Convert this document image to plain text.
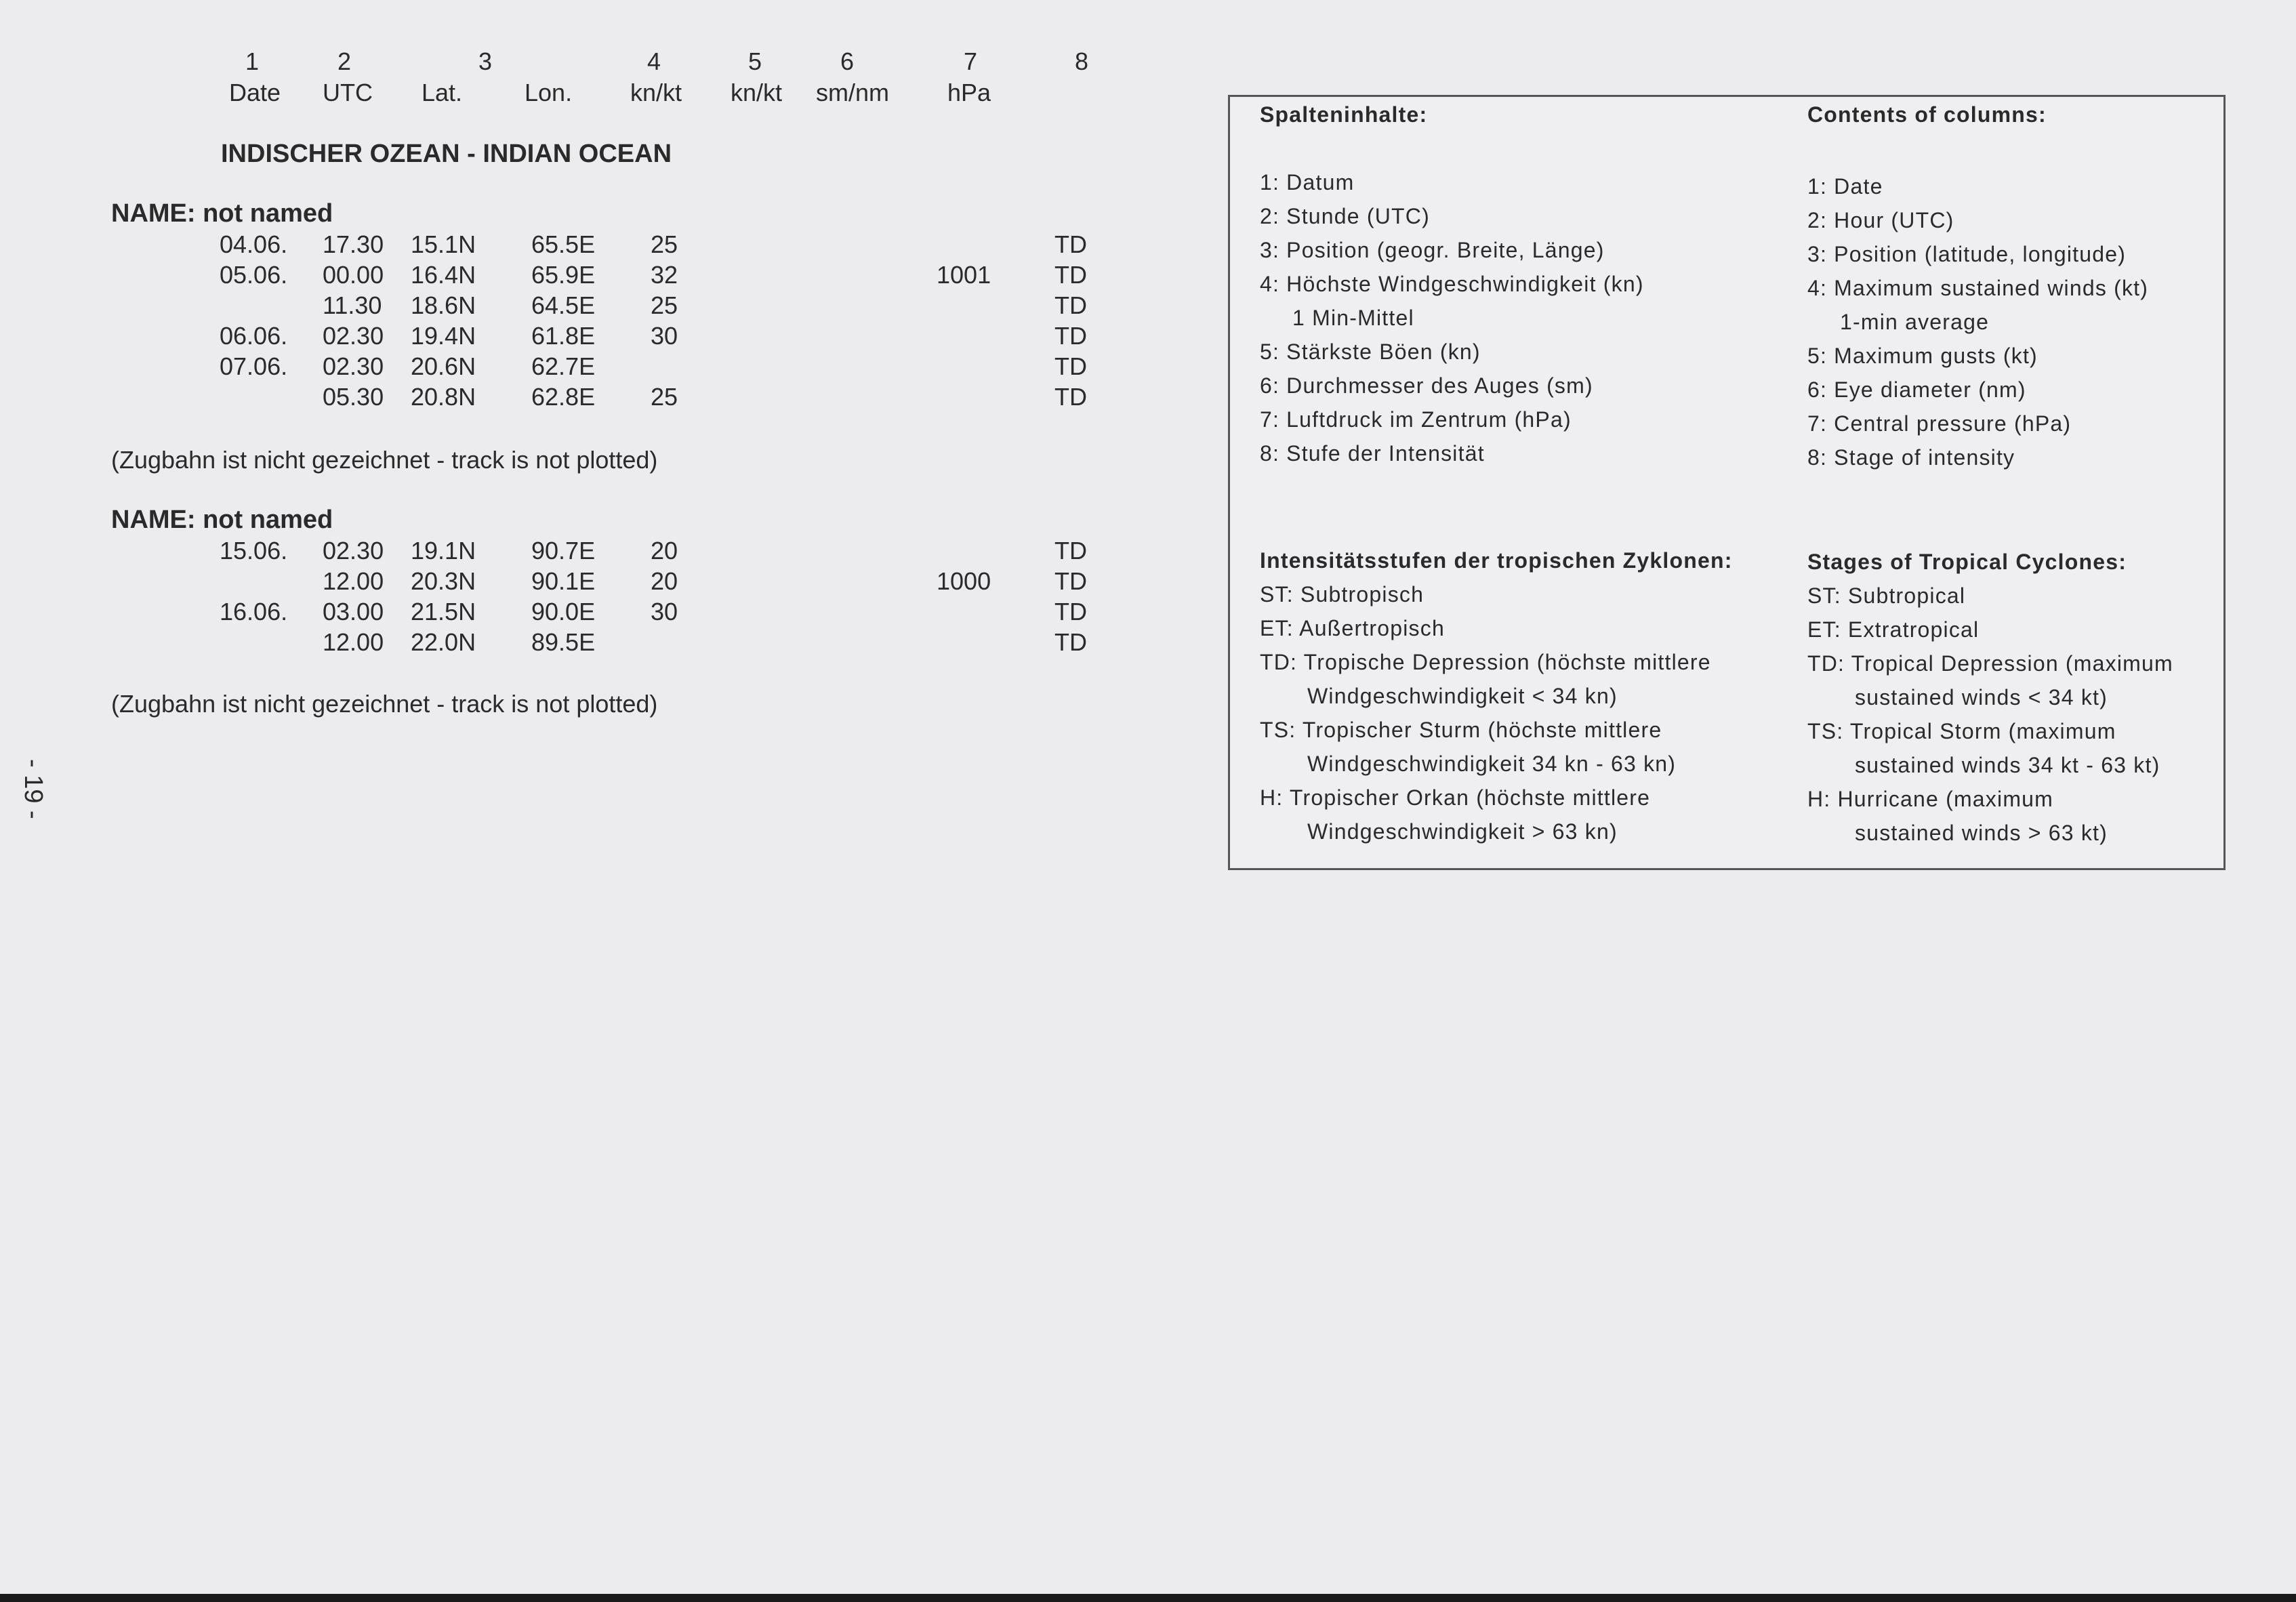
1	2	3	4	5	6	7	8
Date UTC Lat.	Lon. kn/kt kn/kt sm/nm hPa
INDISCHER OZEAN - INDIAN OCEAN
NAME: not named
04.06. 17.30 15.1N 65.5E 25	TD
05.06. 00.00 16.4N 65.9E 32	1001	TD
11.30 18.6N 64.5E 25	TD
06.06. 02.30 19.4N 61.8E 30	TD
07.06. 02.30 20.6N 62.7E	TD
05.30 20.8N 62.8E 25	TD
(Zugbahn ist nicht gezeichnet - track is not plotted)
NAME: not named
15.06. 02.30 19.1N 90.7E 20	TD
12.00 20.3N 90.1E 20	1000	TD
16.06. 03.00 21.5N 90.0E 30	TD
12.00 22.0N 89.5E	TD
(Zugbahn ist nicht gezeichnet - track is not plotted)
- 19 -
Spalteninhalte:
1: Datum
2: Stunde (UTC)
3: Position (geogr. Breite, Länge)
4: Höchste Windgeschwindigkeit (kn)
1 Min-Mittel
5: Stärkste Böen (kn)
6: Durchmesser des Auges (sm)
7: Luftdruck im Zentrum (hPa)
8: Stufe der Intensität
Intensitätsstufen der tropischen Zyklonen:
ST: Subtropisch
ET: Außertropisch
TD: Tropische Depression (höchste mittlere
Windgeschwindigkeit < 34 kn)
TS: Tropischer Sturm (höchste mittlere
Windgeschwindigkeit 34 kn - 63 kn)
H: Tropischer Orkan (höchste mittlere
Windgeschwindigkeit > 63 kn)
Contents of columns:
1: Date
2: Hour (UTC)
3: Position (latitude, longitude)
4: Maximum sustained winds (kt)
1-min average
5: Maximum gusts (kt)
6: Eye diameter (nm)
7: Central pressure (hPa)
8: Stage of intensity
Stages of Tropical Cyclones:
ST: Subtropical
ET: Extratropical
TD: Tropical Depression (maximum
sustained winds < 34 kt)
TS: Tropical Storm (maximum
sustained winds 34 kt - 63 kt)
H: Hurricane (maximum
sustained winds > 63 kt)
